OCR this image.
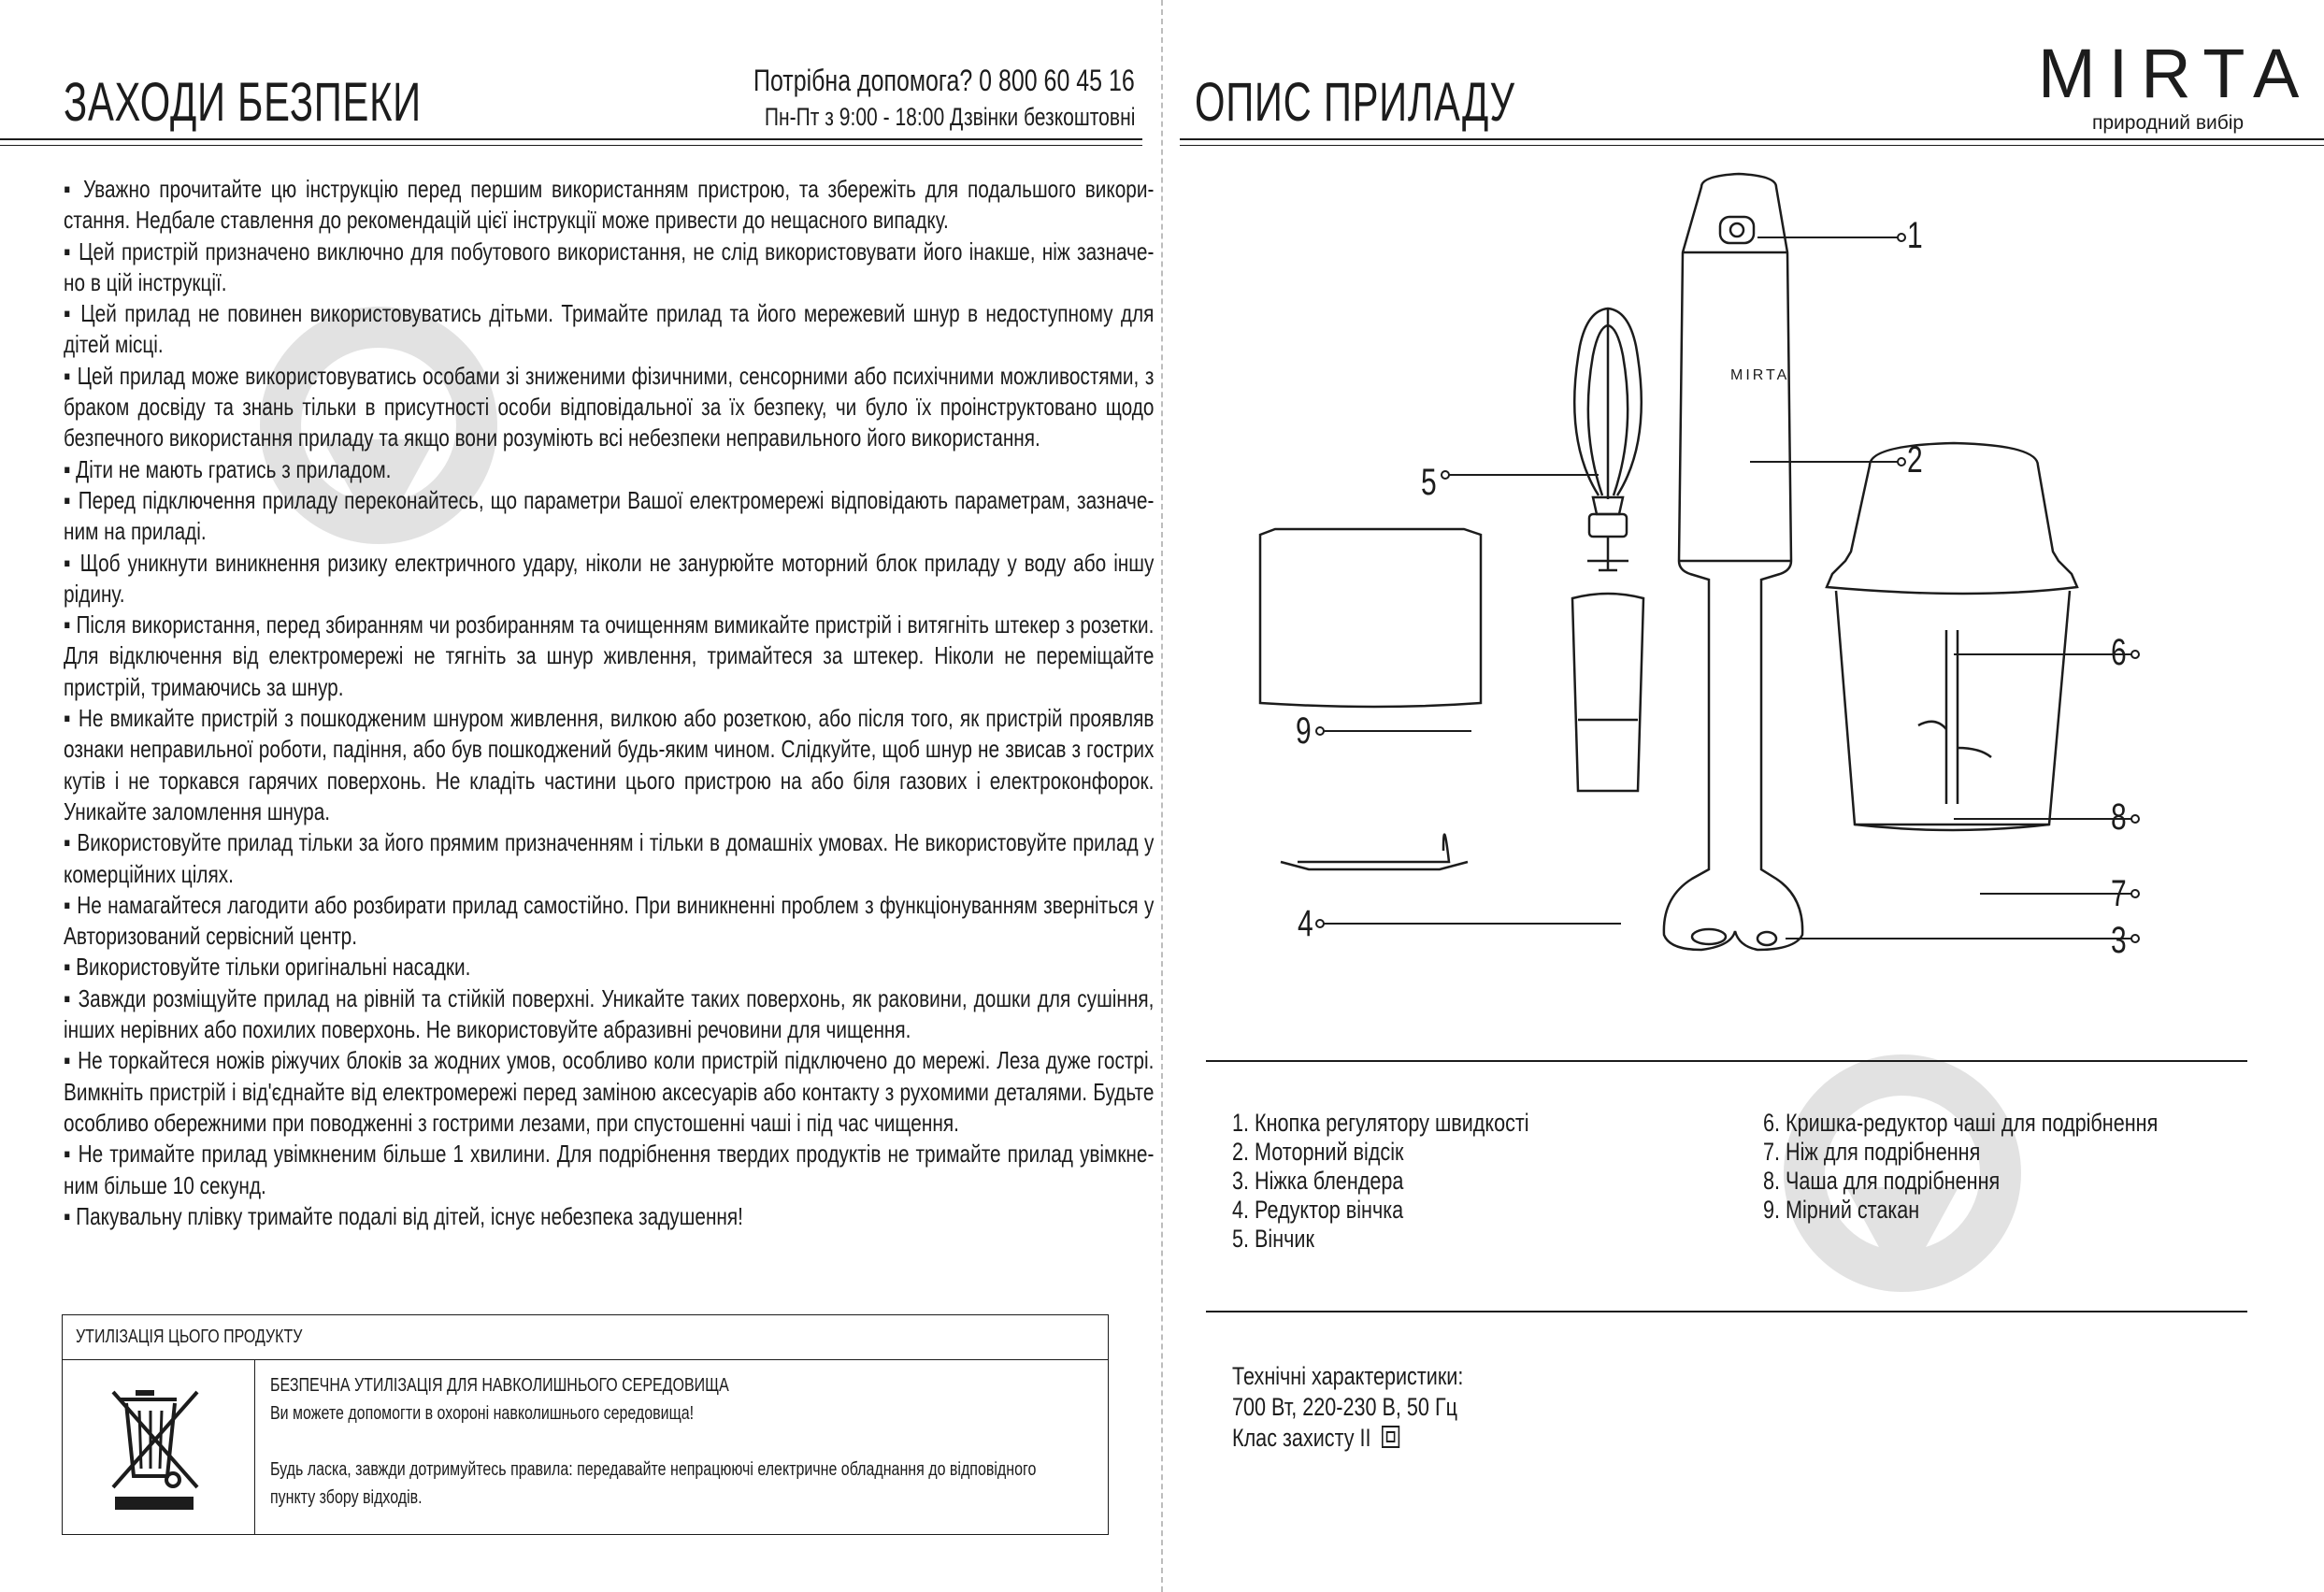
ЗАХОДИ БЕЗПЕКИ	Потрібна допомога? 0 800 60 45 16
Пн-Пт з 9:00 - 18:00 Дзвінки безкоштовні
▪ Уважно прочитайте цю інструкцію перед першим використанням пристрою, та збережіть для подальшого викори-стання. Недбале ставлення до рекомендацій цієї інструкції може привести до нещасного випадку.
▪ Цей пристрій призначено виключно для побутового використання, не слід використовувати його інакше, ніж зазначе-но в цій інструкції.
▪ Цей прилад не повинен використовуватись дітьми. Тримайте прилад та його мережевий шнур в недоступному для дітей місці.
▪ Цей прилад може використовуватись особами зі зниженими фізичними, сенсорними або психічними можливостями, з браком досвіду та знань тільки в присутності особи відповідальної за їх безпеку, чи було їх проінструктовано щодо безпечного використання приладу та якщо вони розуміють всі небезпеки неправильного його використання.
▪ Діти не мають гратись з приладом.
▪ Перед підключення приладу переконайтесь, що параметри Вашої електромережі відповідають параметрам, зазначе-ним на приладі.
▪ Щоб уникнути виникнення ризику електричного удару, ніколи не занурюйте моторний блок приладу у воду або іншу рідину.
▪ Після використання, перед збиранням чи розбиранням та очищенням вимикайте пристрій і витягніть штекер з розетки. Для відключення від електромережі не тягніть за шнур живлення, тримайтеся за штекер. Ніколи не переміщайте пристрій, тримаючись за шнур.
▪ Не вмикайте пристрій з пошкодженим шнуром живлення, вилкою або розеткою, або після того, як пристрій проявляв ознаки неправильної роботи, падіння, або був пошкоджений будь-яким чином. Слідкуйте, щоб шнур не звисав з гострих кутів і не торкався гарячих поверхонь. Не кладіть частини цього пристрою на або біля газових і електроконфорок. Уникайте заломлення шнура.
▪ Використовуйте прилад тільки за його прямим призначенням і тільки в домашніх умовах. Не використовуйте прилад у комерційних цілях.
▪ Не намагайтеся лагодити або розбирати прилад самостійно. При виникненні проблем з функціонуванням зверніться у Авторизований сервісний центр.
▪ Використовуйте тільки оригінальні насадки.
▪ Завжди розміщуйте прилад на рівній та стійкій поверхні. Уникайте таких поверхонь, як раковини, дошки для сушіння, інших нерівних або похилих поверхонь. Не використовуйте абразивні речовини для чищення.
▪ Не торкайтеся ножів ріжучих блоків за жодних умов, особливо коли пристрій підключено до мережі. Леза дуже гострі. Вимкніть пристрій і від'єднайте від електромережі перед заміною аксесуарів або контакту з рухомими деталями. Будьте особливо обережними при поводженні з гострими лезами, при спустошенні чаші і під час чищення.
▪ Не тримайте прилад увімкненим більше 1 хвилини. Для подрібнення твердих продуктів не тримайте прилад увімкне-ним більше 10 секунд.
▪ Пакувальну плівку тримайте подалі від дітей, існує небезпека задушення!
УТИЛІЗАЦІЯ ЦЬОГО ПРОДУКТУ

БЕЗПЕЧНА УТИЛІЗАЦІЯ ДЛЯ НАВКОЛИШНЬОГО СЕРЕДОВИЩА

Ви можете допомогти в охороні навколишнього середовища!

Будь ласка, завжди дотримуйтесь правила: передавайте непрацюючі електричне обладнання до відповідного

пункту збору відходів.

ОПИС ПРИЛАДУ	MIRTA
природний вибір
MIRTA
1
2
3
4
5
6
7
8
9
1. Кнопка регулятору швидкості
2. Моторний відсік
3. Ніжка блендера
4. Редуктор вінчка
5. Вінчик
6. Кришка-редуктор чаші для подрібнення
7. Ніж для подрібнення
8. Чаша для подрібнення
9. Мірний стакан
Технічні характеристики:
700 Вт, 220-230 В, 50 Гц
Клас захисту II
